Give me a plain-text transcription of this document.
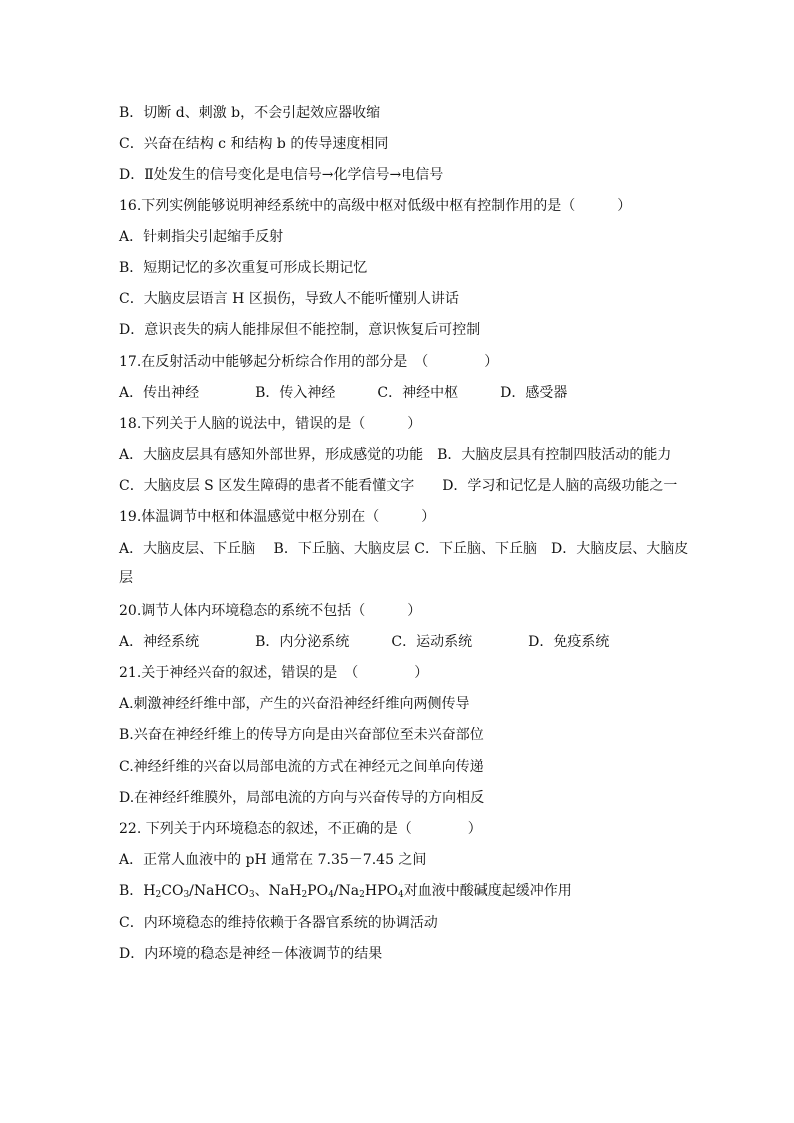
B．切断 d、刺激 b，不会引起效应器收缩
C．兴奋在结构 c 和结构 b 的传导速度相同
D．Ⅱ处发生的信号变化是电信号→化学信号→电信号
16.下列实例能够说明神经系统中的高级中枢对低级中枢有控制作用的是（　　　）
A．针刺指尖引起缩手反射
B．短期记忆的多次重复可形成长期记忆
C．大脑皮层语言 H 区损伤，导致人不能听懂别人讲话
D．意识丧失的病人能排尿但不能控制，意识恢复后可控制
17.在反射活动中能够起分析综合作用的部分是　（　　　　）
A．传出神经　　　　B．传入神经　　　C．神经中枢　　　D．感受器
18.下列关于人脑的说法中，错误的是（　　　）
A．大脑皮层具有感知外部世界，形成感觉的功能　B．大脑皮层具有控制四肢活动的能力
C．大脑皮层 S 区发生障碍的患者不能看懂文字　　D．学习和记忆是人脑的高级功能之一
19.体温调节中枢和体温感觉中枢分别在（　　　）
A．大脑皮层、下丘脑　 B．下丘脑、大脑皮层 C．下丘脑、下丘脑　D．大脑皮层、大脑皮
层
20.调节人体内环境稳态的系统不包括（　　　）
A．神经系统　　　　B．内分泌系统　　　C．运动系统　　　　D．免疫系统
21.关于神经兴奋的叙述，错误的是　（　　　　）
A.刺激神经纤维中部，产生的兴奋沿神经纤维向两侧传导
B.兴奋在神经纤维上的传导方向是由兴奋部位至未兴奋部位
C.神经纤维的兴奋以局部电流的方式在神经元之间单向传递
D.在神经纤维膜外，局部电流的方向与兴奋传导的方向相反
22. 下列关于内环境稳态的叙述，不正确的是（　　　　）
A．正常人血液中的 pH 通常在 7.35－7.45 之间
B．$H_2CO_3/NaHCO_3$、$NaH_2PO_4/Na_2HPO_4$对血液中酸碱度起缓冲作用
C．内环境稳态的维持依赖于各器官系统的协调活动
D．内环境的稳态是神经－体液调节的结果
